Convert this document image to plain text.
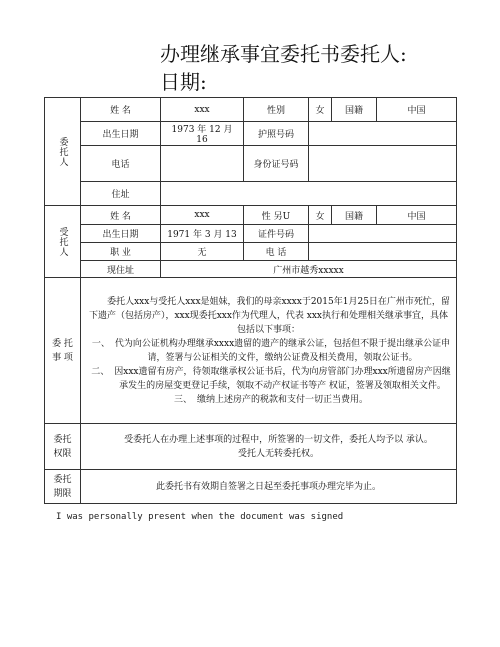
办理继承事宜委托书委托人:
日期:
委托人	姓 名	xxx	性别	女	国籍	中国
	出生日期	1973 年 12 月 16	护照号码			
	电话		身份证号码			
	住址					

受托人	姓 名	xxx	性 另U	女	国籍	中国
	出生日期	1971 年 3 月 13	证件号码			
	职 业	无	电 话			
	现住址	广州市越秀xxxxx				
委 托 事 项	委托人xxx与受托人xxx是姐妹，我们的母亲xxxx于2015年1月25日在广州市死忙，留下遗产（包括房产），xxx现委托xxx作为代理人，代表 xxx执行和处理相关继承事宜，具体包括以下事项：

一、 代为向公证机构办理继承xxxx遗留的遗产的继承公证，包括但不限于提出继承公证申请，签署与公证相关的文件，缴纳公证费及相关费用，领取公证书。

二、 因xxx遗留有房产，待领取继承权公证书后，代为向房管部门办理xxx所遗留房产因继承发生的房屋变更登记手续，领取不动产权证书等产 权证，签署及领取相关文件。

三、 缴纳上述房产的税款和支付一切正当费用。					

委托 权限	受委托人在办理上述事项的过程中，所签署的一切文件，委托人均予以 承认。

受托人无转委托权。					

委托 期限	此委托书有效期自签署之日起至委托事项办理完毕为止。					

I was personally present when the document was signed
